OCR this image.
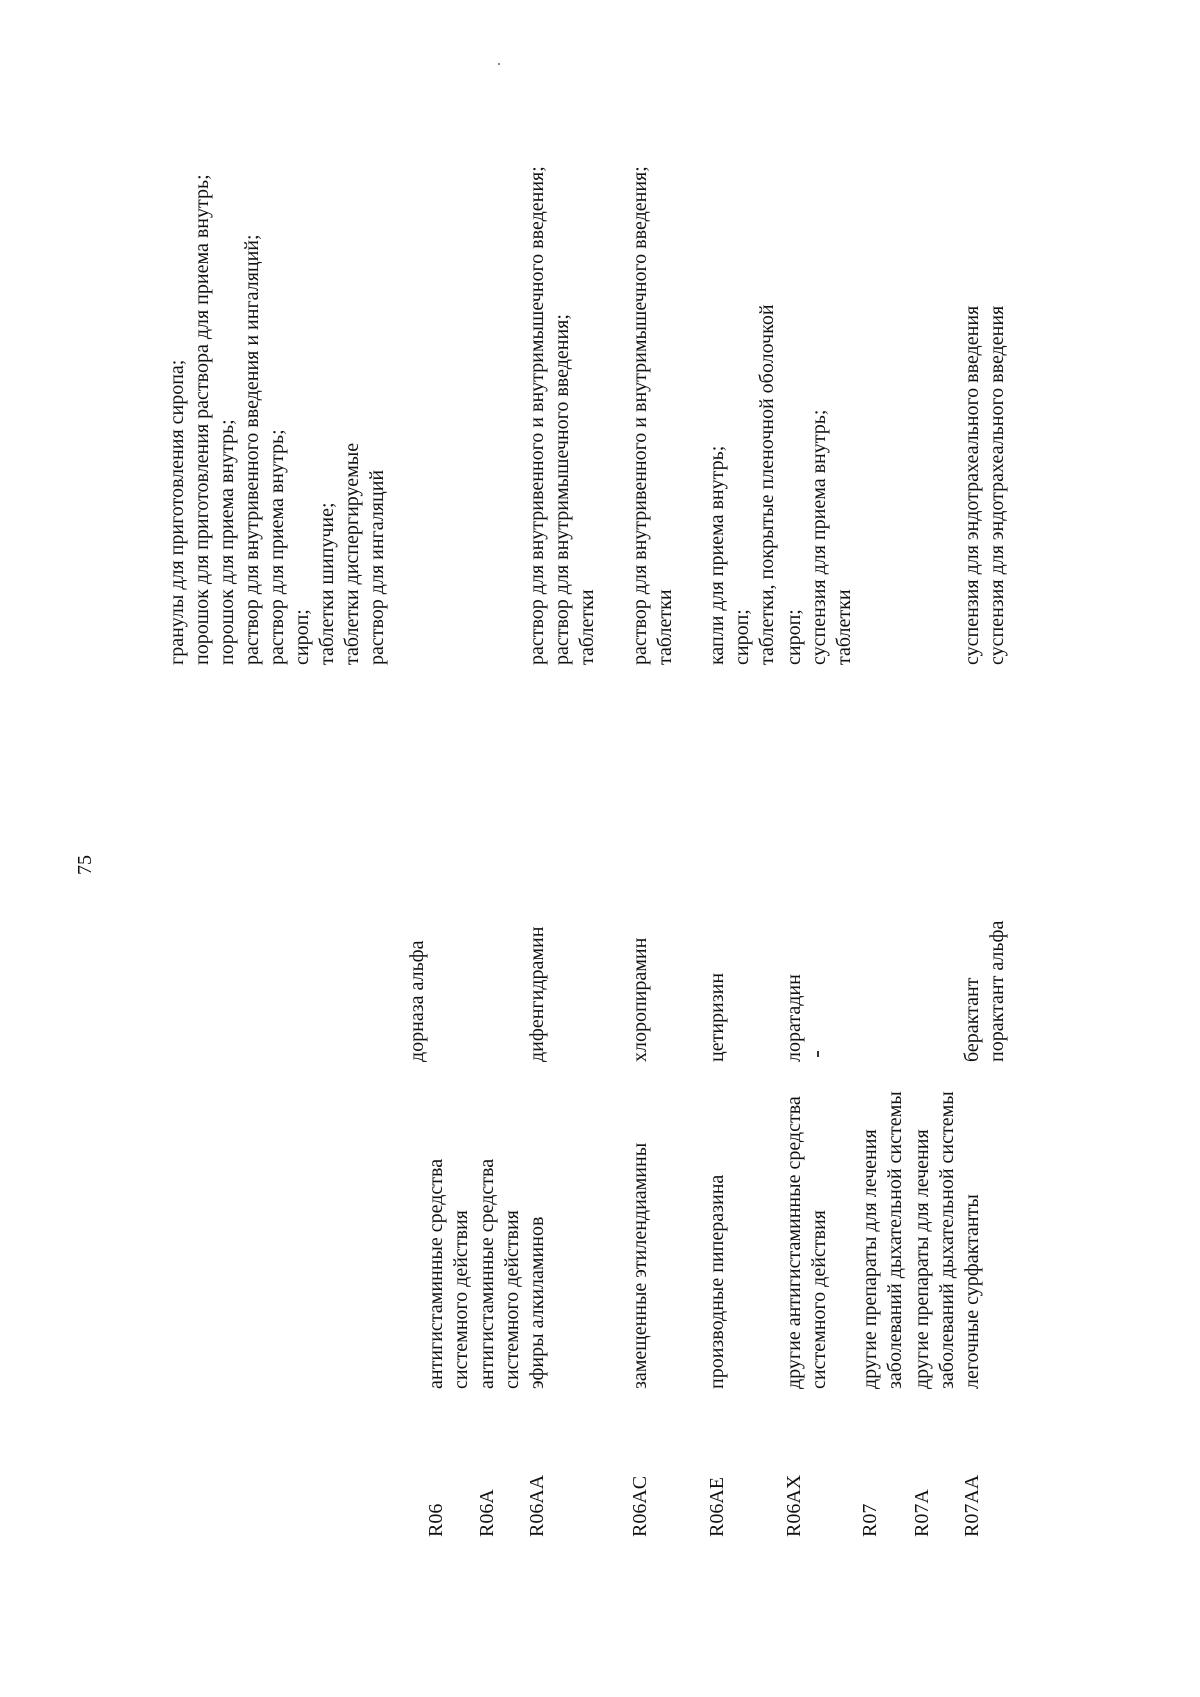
75
гранулы для приготовления сиропа;
порошок для приготовления раствора для приема внутрь;
порошок для приема внутрь;
раствор для внутривенного введения и ингаляций;
раствор для приема внутрь;
сироп;
таблетки шипучие;
таблетки диспергируемые
раствор для ингаляций
дорназа альфа
R06
антигистаминные средства системного действия
R06A
антигистаминные средства системного действия
R06AA
эфиры алкиламинов
дифенгидрамин
раствор для внутривенного и внутримышечного введения;
раствор для внутримышечного введения;
таблетки
R06AC
замещенные этилендиамины
хлоропирамин
раствор для внутривенного и внутримышечного введения;
таблетки
R06AE
производные пиперазина
цетиризин
капли для приема внутрь;
сироп;
таблетки, покрытые пленочной оболочкой
R06AX
другие антигистаминные средства системного действия
лоратадин
сироп;
суспензия для приема внутрь;
таблетки
R07
другие препараты для лечения заболеваний дыхательной системы
R07A
другие препараты для лечения заболеваний дыхательной системы
R07AA
легочные сурфактанты
берактант
порактант альфа
суспензия для эндотрахеального введения
суспензия для эндотрахеального введения
